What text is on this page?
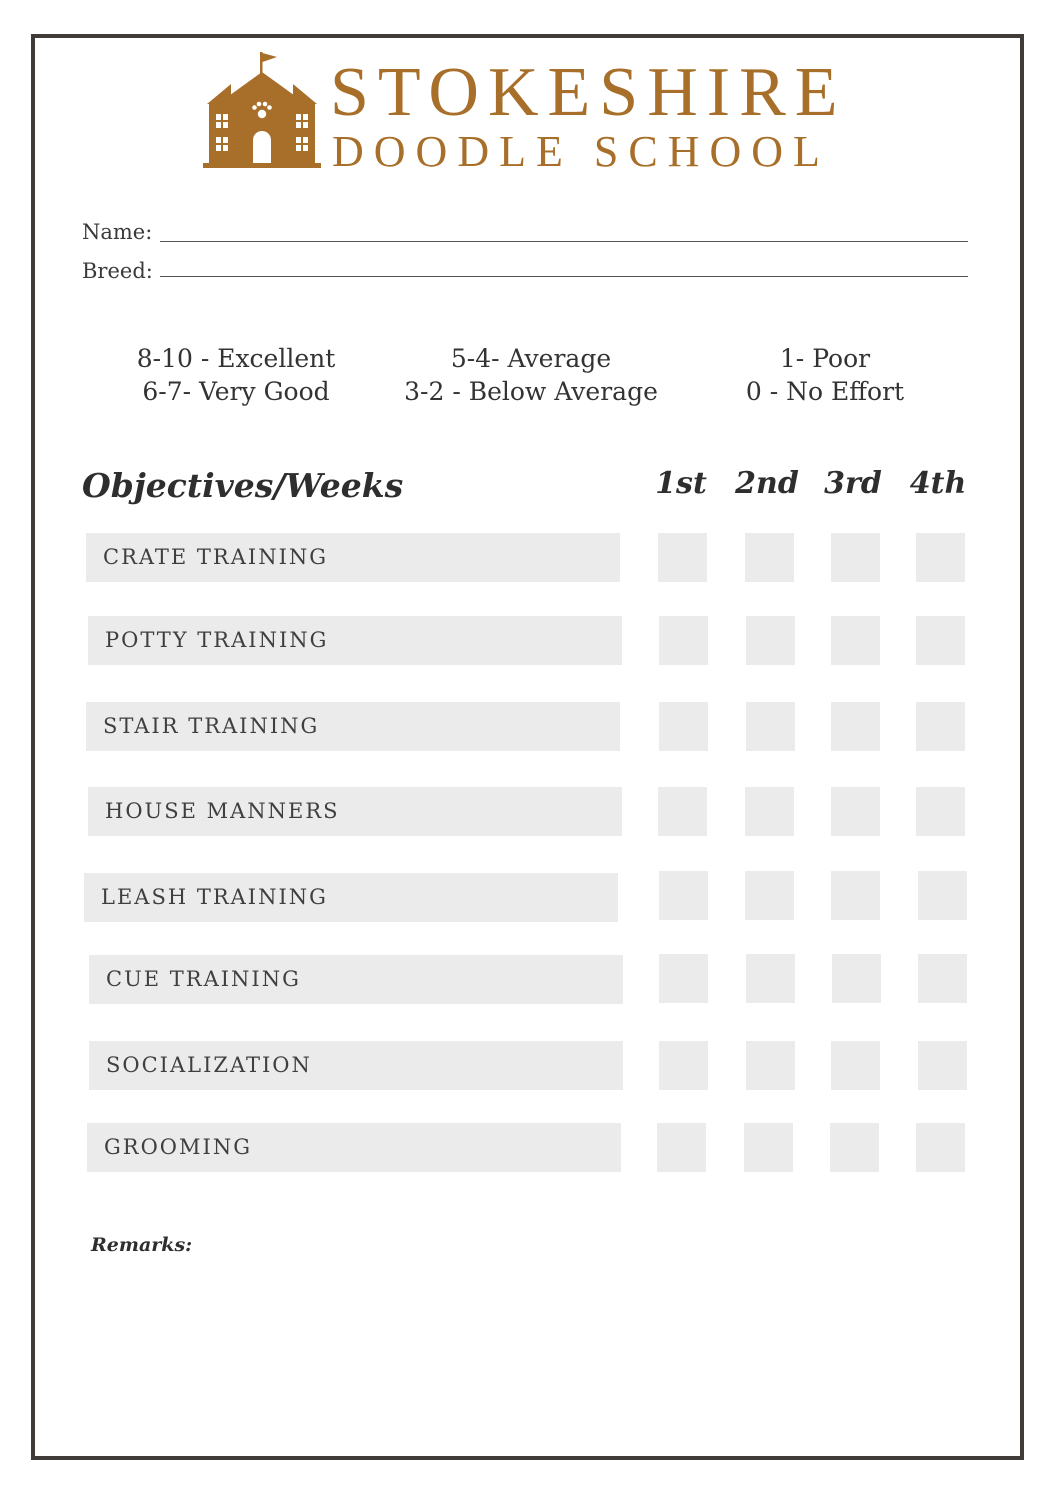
STOKESHIRE
DOODLE SCHOOL
Name:
Breed:
8-10 - Excellent
6-7- Very Good
5-4- Average
3-2 - Below Average
1- Poor
0 - No Effort
Objectives/Weeks	1st 2nd 3rd 4th
CRATE TRAINING
POTTY TRAINING
STAIR TRAINING
HOUSE MANNERS
LEASH TRAINING
CUE TRAINING
SOCIALIZATION
GROOMING
Remarks:
